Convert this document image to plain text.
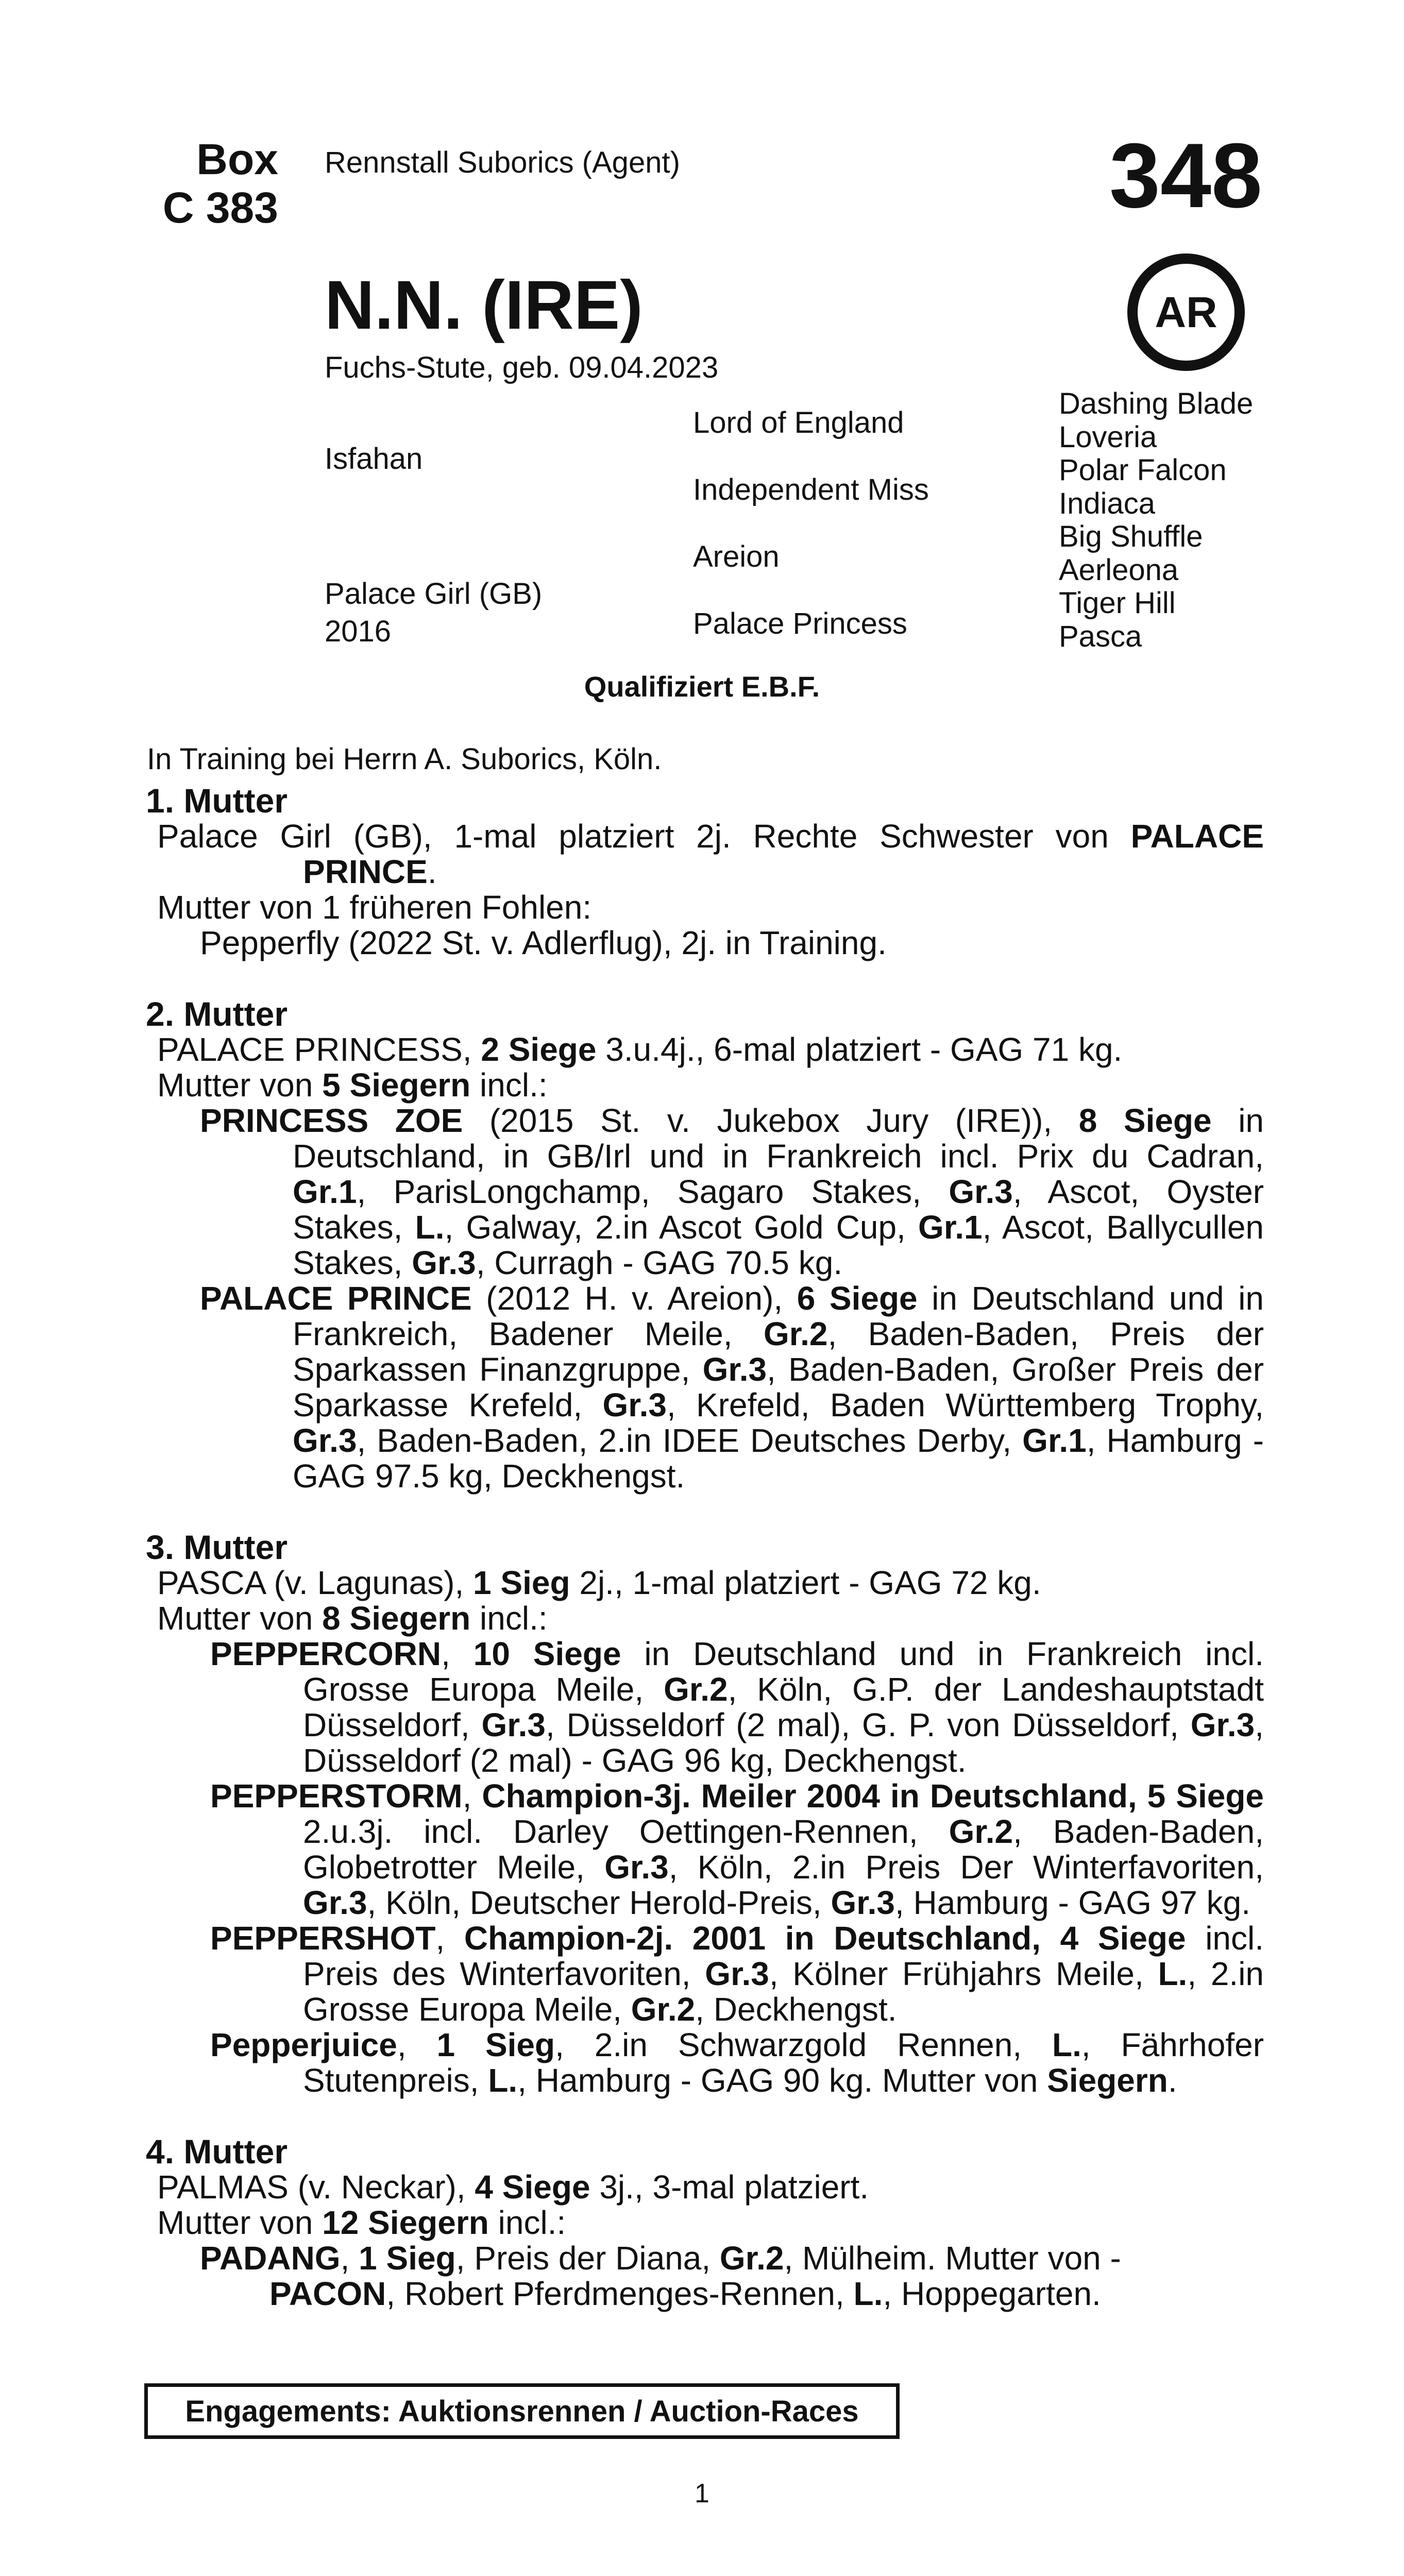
Box
C 383
Rennstall Suborics (Agent)	348
AR
N.N. (IRE)
Fuchs-Stute, geb. 09.04.2023
Isfahan
Palace Girl (GB)
2016
Lord of England
Independent Miss
Areion
Palace Princess
Dashing Blade
Loveria
Polar Falcon
Indiaca
Big Shuffle
Aerleona
Tiger Hill
Pasca
Qualifiziert E.B.F.
In Training bei Herrn A. Suborics, Köln.
1. Mutter
Palace Girl (GB), 1-mal platziert 2j. Rechte Schwester von PALACE PRINCE.
Mutter von 1 früheren Fohlen:
Pepperfly (2022 St. v. Adlerflug), 2j. in Training.
2. Mutter
PALACE PRINCESS, 2 Siege 3.u.4j., 6-mal platziert - GAG 71 kg.
Mutter von 5 Siegern incl.:
PRINCESS ZOE (2015 St. v. Jukebox Jury (IRE)), 8 Siege in Deutschland, in GB/Irl und in Frankreich incl. Prix du Cadran, Gr.1, ParisLongchamp, Sagaro Stakes, Gr.3, Ascot, Oyster Stakes, L., Galway, 2.in Ascot Gold Cup, Gr.1, Ascot, Ballycullen Stakes, Gr.3, Curragh - GAG 70.5 kg.
PALACE PRINCE (2012 H. v. Areion), 6 Siege in Deutschland und in Frankreich, Badener Meile, Gr.2, Baden-Baden, Preis der Sparkassen Finanzgruppe, Gr.3, Baden-Baden, Großer Preis der Sparkasse Krefeld, Gr.3, Krefeld, Baden Württemberg Trophy, Gr.3, Baden-Baden, 2.in IDEE Deutsches Derby, Gr.1, Hamburg - GAG 97.5 kg, Deckhengst.
3. Mutter
PASCA (v. Lagunas), 1 Sieg 2j., 1-mal platziert - GAG 72 kg.
Mutter von 8 Siegern incl.:
PEPPERCORN, 10 Siege in Deutschland und in Frankreich incl. Grosse Europa Meile, Gr.2, Köln, G.P. der Landeshauptstadt Düsseldorf, Gr.3, Düsseldorf (2 mal), G. P. von Düsseldorf, Gr.3, Düsseldorf (2 mal) - GAG 96 kg, Deckhengst.
PEPPERSTORM, Champion-3j. Meiler 2004 in Deutschland, 5 Siege 2.u.3j. incl. Darley Oettingen-Rennen, Gr.2, Baden-Baden, Globetrotter Meile, Gr.3, Köln, 2.in Preis Der Winterfavoriten, Gr.3, Köln, Deutscher Herold-Preis, Gr.3, Hamburg - GAG 97 kg.
PEPPERSHOT, Champion-2j. 2001 in Deutschland, 4 Siege incl. Preis des Winterfavoriten, Gr.3, Kölner Frühjahrs Meile, L., 2.in Grosse Europa Meile, Gr.2, Deckhengst.
Pepperjuice, 1 Sieg, 2.in Schwarzgold Rennen, L., Fährhofer Stutenpreis, L., Hamburg - GAG 90 kg. Mutter von Siegern.
4. Mutter
PALMAS (v. Neckar), 4 Siege 3j., 3-mal platziert.
Mutter von 12 Siegern incl.:
PADANG, 1 Sieg, Preis der Diana, Gr.2, Mülheim. Mutter von -
PACON, Robert Pferdmenges-Rennen, L., Hoppegarten.
Engagements: Auktionsrennen / Auction-Races
1
